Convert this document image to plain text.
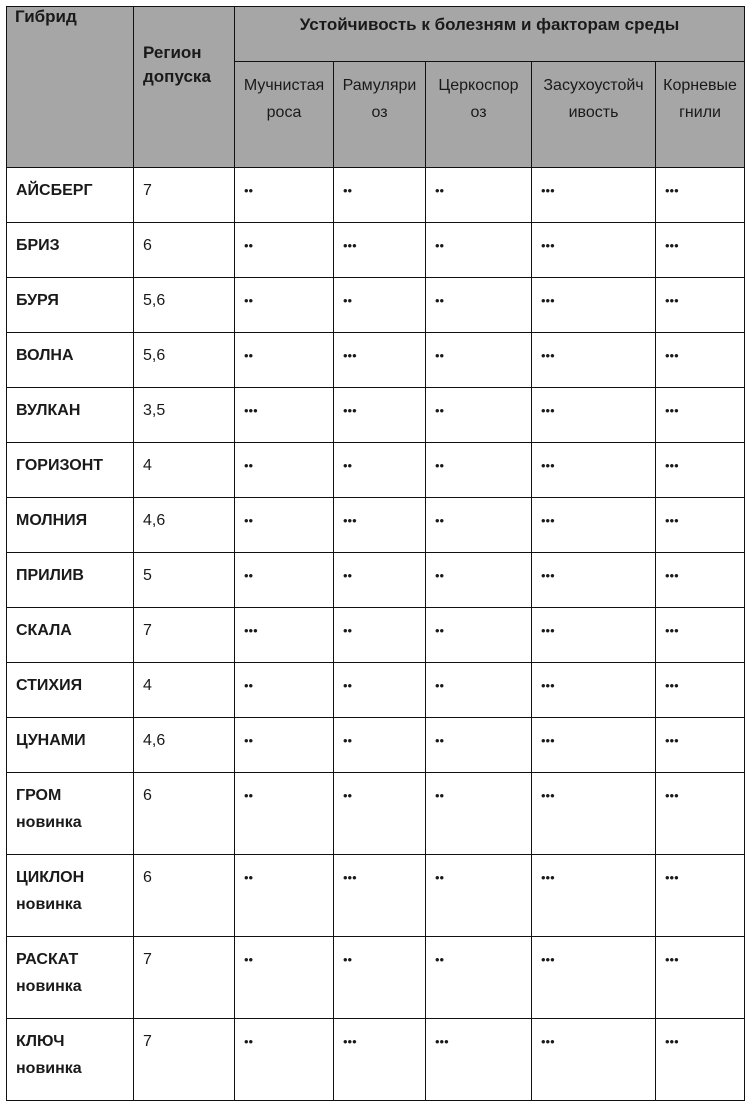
Гибрид	Регион допуска	Устойчивость к болезням и факторам среды				
		Мучнистая роса	Рамуляриоз	Церкоспороз	Засухоустойчивость	Корневые гнили
АЙСБЕРГ	7	••	••	••	•••	•••
БРИЗ	6	••	•••	••	•••	•••
БУРЯ	5,6	••	••	••	•••	•••
ВОЛНА	5,6	••	•••	••	•••	•••
ВУЛКАН	3,5	•••	•••	••	•••	•••
ГОРИЗОНТ	4	••	••	••	•••	•••
МОЛНИЯ	4,6	••	•••	••	•••	•••
ПРИЛИВ	5	••	••	••	•••	•••
СКАЛА	7	•••	••	••	•••	•••
СТИХИЯ	4	••	••	••	•••	•••
ЦУНАМИ	4,6	••	••	••	•••	•••
ГРОМ новинка	6	••	••	••	•••	•••
ЦИКЛОН новинка	6	••	•••	••	•••	•••
РАСКАТ новинка	7	••	••	••	•••	•••
КЛЮЧ новинка	7	••	•••	•••	•••	•••
